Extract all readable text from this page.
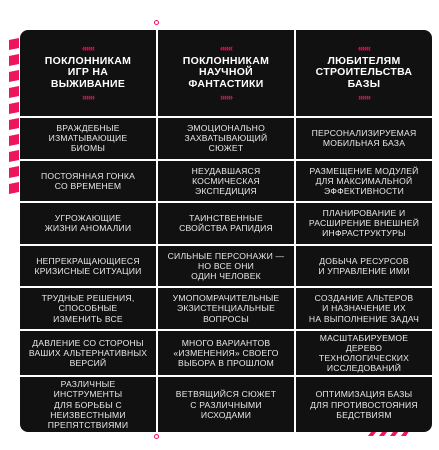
«««
ПОКЛОННИКАМ
ИГР НА
ВЫЖИВАНИЕ
»»»
«««
ПОКЛОННИКАМ
НАУЧНОЙ
ФАНТАСТИКИ
»»»
«««
ЛЮБИТЕЛЯМ
СТРОИТЕЛЬСТВА
БАЗЫ
»»»
ВРАЖДЕБНЫЕ
ИЗМАТЫВАЮЩИЕ
БИОМЫ
ЭМОЦИОНАЛЬНО
ЗАХВАТЫВАЮЩИЙ
СЮЖЕТ
ПЕРСОНАЛИЗИРУЕМАЯ
МОБИЛЬНАЯ БАЗА
ПОСТОЯННАЯ ГОНКА
СО ВРЕМЕНЕМ
НЕУДАВШАЯСЯ
КОСМИЧЕСКАЯ
ЭКСПЕДИЦИЯ
РАЗМЕЩЕНИЕ МОДУЛЕЙ
ДЛЯ МАКСИМАЛЬНОЙ
ЭФФЕКТИВНОСТИ
УГРОЖАЮЩИЕ
ЖИЗНИ АНОМАЛИИ
ТАИНСТВЕННЫЕ
СВОЙСТВА РАПИДИЯ
ПЛАНИРОВАНИЕ И
РАСШИРЕНИЕ ВНЕШНЕЙ
ИНФРАСТРУКТУРЫ
НЕПРЕКРАЩАЮЩИЕСЯ
КРИЗИСНЫЕ СИТУАЦИИ
СИЛЬНЫЕ ПЕРСОНАЖИ —
НО ВСЕ ОНИ
ОДИН ЧЕЛОВЕК
ДОБЫЧА РЕСУРСОВ
И УПРАВЛЕНИЕ ИМИ
ТРУДНЫЕ РЕШЕНИЯ,
СПОСОБНЫЕ
ИЗМЕНИТЬ ВСЕ
УМОПОМРАЧИТЕЛЬНЫЕ
ЭКЗИСТЕНЦИАЛЬНЫЕ
ВОПРОСЫ
СОЗДАНИЕ АЛЬТЕРОВ
И НАЗНАЧЕНИЕ ИХ
НА ВЫПОЛНЕНИЕ ЗАДАЧ
ДАВЛЕНИЕ СО СТОРОНЫ
ВАШИХ АЛЬТЕРНАТИВНЫХ
ВЕРСИЙ
МНОГО ВАРИАНТОВ
«ИЗМЕНЕНИЯ» СВОЕГО
ВЫБОРА В ПРОШЛОМ
МАСШТАБИРУЕМОЕ
ДЕРЕВО ТЕХНОЛОГИЧЕСКИХ
ИССЛЕДОВАНИЙ
РАЗЛИЧНЫЕ ИНСТРУМЕНТЫ
ДЛЯ БОРЬБЫ С
НЕИЗВЕСТНЫМИ
ПРЕПЯТСТВИЯМИ
ВЕТВЯЩИЙСЯ СЮЖЕТ
С РАЗЛИЧНЫМИ
ИСХОДАМИ
ОПТИМИЗАЦИЯ БАЗЫ
ДЛЯ ПРОТИВОСТОЯНИЯ
БЕДСТВИЯМ
